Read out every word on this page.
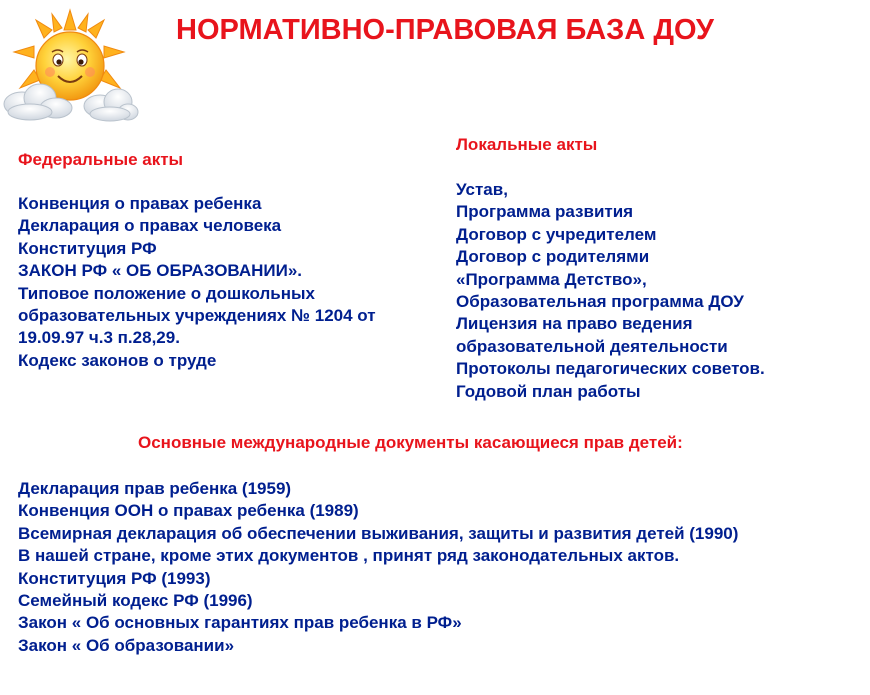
НОРМАТИВНО-ПРАВОВАЯ БАЗА ДОУ
Федеральные акты
Конвенция о правах ребенка
Декларация о правах человека
Конституция РФ
ЗАКОН РФ « ОБ ОБРАЗОВАНИИ».
Типовое положение о дошкольных
образовательных учреждениях № 1204 от
19.09.97 ч.3 п.28,29.
Кодекс законов о труде
Локальные акты
Устав,
Программа развития
Договор с учредителем
Договор с родителями
«Программа Детство»,
Образовательная программа ДОУ
Лицензия на право ведения
образовательной деятельности
Протоколы педагогических советов.
Годовой план работы
Основные международные документы касающиеся прав детей:
Декларация прав ребенка (1959)
Конвенция ООН о правах ребенка (1989)
Всемирная декларация об обеспечении выживания, защиты и развития детей (1990)
В нашей стране, кроме этих документов , принят ряд законодательных актов.
Конституция РФ (1993)
Семейный кодекс РФ (1996)
Закон « Об основных гарантиях прав ребенка в РФ»
Закон « Об образовании»
